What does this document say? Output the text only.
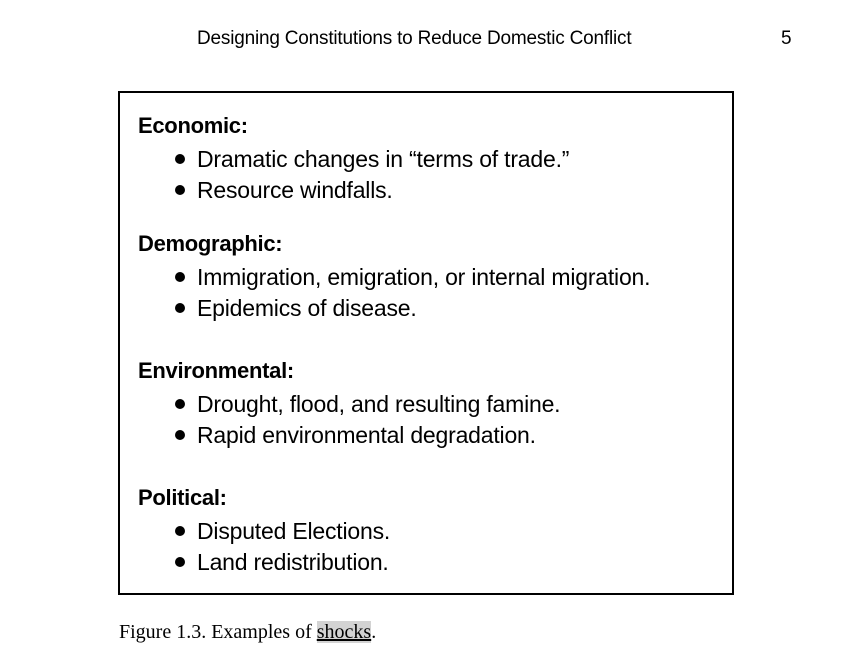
Designing Constitutions to Reduce Domestic Conflict	5
Economic:
Dramatic changes in “terms of trade.”
Resource windfalls.
Demographic:
Immigration, emigration, or internal migration.
Epidemics of disease.
Environmental:
Drought, flood, and resulting famine.
Rapid environmental degradation.
Political:
Disputed Elections.
Land redistribution.
Figure 1.3. Examples of shocks.
